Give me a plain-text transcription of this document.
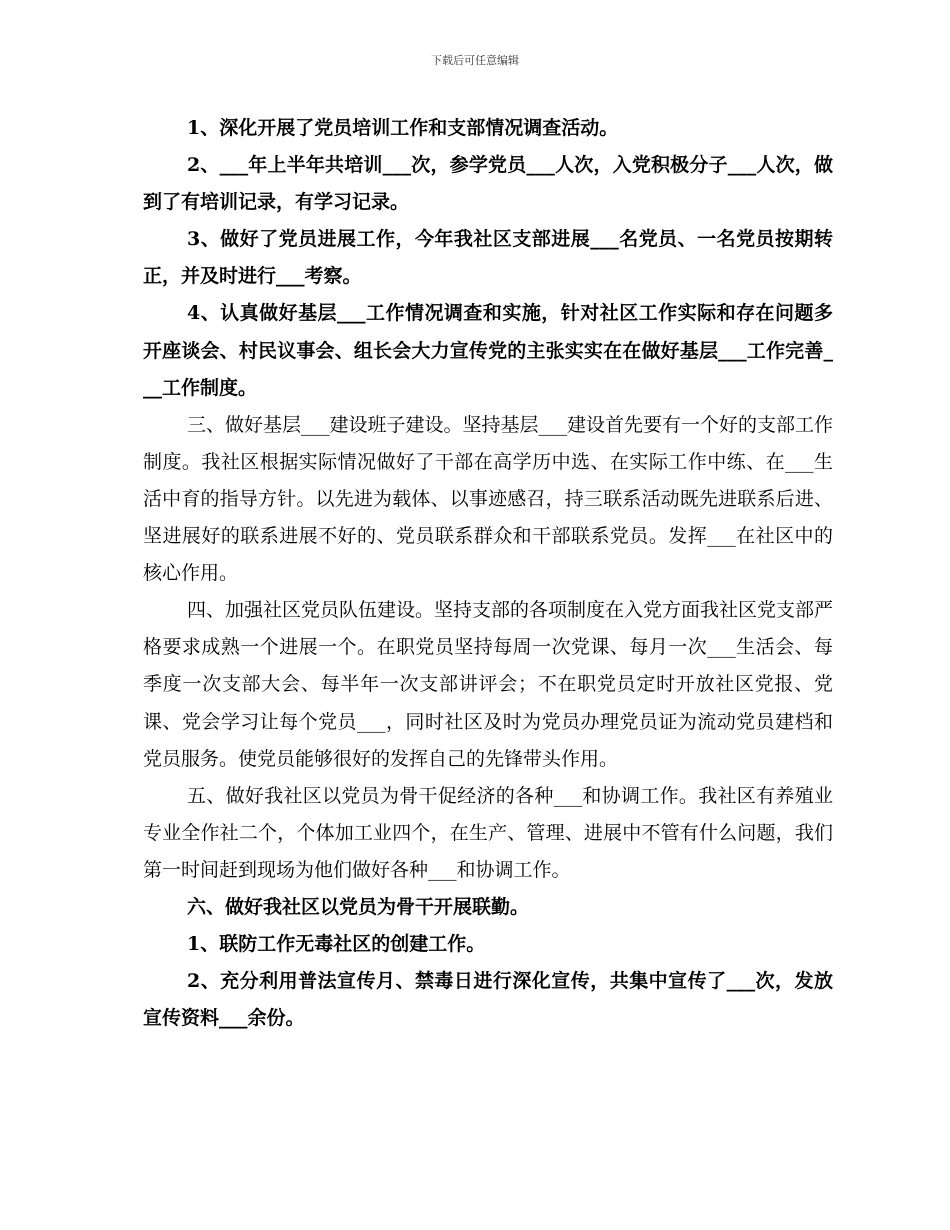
下载后可任意编辑

1、深化开展了党员培训工作和支部情况调查活动。

2、___年上半年共培训___次，参学党员___人次，入党积极分子___人次，做到了有培训记录，有学习记录。

3、做好了党员进展工作，今年我社区支部进展___名党员、一名党员按期转正，并及时进行___考察。

4、认真做好基层___工作情况调查和实施，针对社区工作实际和存在问题多开座谈会、村民议事会、组长会大力宣传党的主张实实在在做好基层___工作完善___工作制度。

三、做好基层___建设班子建设。坚持基层___建设首先要有一个好的支部工作制度。我社区根据实际情况做好了干部在高学历中选、在实际工作中练、在___生活中育的指导方针。以先进为载体、以事迹感召，持三联系活动既先进联系后进、坚进展好的联系进展不好的、党员联系群众和干部联系党员。发挥___在社区中的核心作用。

四、加强社区党员队伍建设。坚持支部的各项制度在入党方面我社区党支部严格要求成熟一个进展一个。在职党员坚持每周一次党课、每月一次___生活会、每季度一次支部大会、每半年一次支部讲评会；不在职党员定时开放社区党报、党课、党会学习让每个党员___，同时社区及时为党员办理党员证为流动党员建档和党员服务。使党员能够很好的发挥自己的先锋带头作用。

五、做好我社区以党员为骨干促经济的各种___和协调工作。我社区有养殖业专业全作社二个，个体加工业四个，在生产、管理、进展中不管有什么问题，我们第一时间赶到现场为他们做好各种___和协调工作。

六、做好我社区以党员为骨干开展联勤。

1、联防工作无毒社区的创建工作。

2、充分利用普法宣传月、禁毒日进行深化宣传，共集中宣传了___次，发放宣传资料___余份。
